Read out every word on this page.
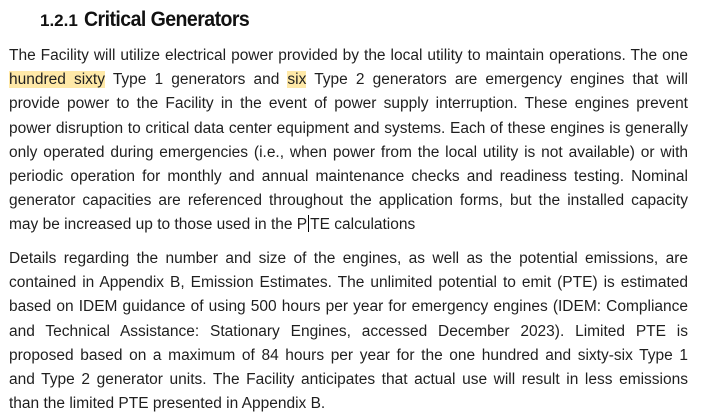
1.2.1 Critical Generators
The Facility will utilize electrical power provided by the local utility to maintain operations. The one
hundred sixty Type 1 generators and six Type 2 generators are emergency engines that will
provide power to the Facility in the event of power supply interruption. These engines prevent
power disruption to critical data center equipment and systems. Each of these engines is generally
only operated during emergencies (i.e., when power from the local utility is not available) or with
periodic operation for monthly and annual maintenance checks and readiness testing. Nominal
generator capacities are referenced throughout the application forms, but the installed capacity
may be increased up to those used in the P TE calculations
Details regarding the number and size of the engines, as well as the potential emissions, are
contained in Appendix B, Emission Estimates. The unlimited potential to emit (PTE) is estimated
based on IDEM guidance of using 500 hours per year for emergency engines (IDEM: Compliance
and Technical Assistance: Stationary Engines, accessed December 2023). Limited PTE is
proposed based on a maximum of 84 hours per year for the one hundred and sixty-six Type 1
and Type 2 generator units. The Facility anticipates that actual use will result in less emissions
than the limited PTE presented in Appendix B.
